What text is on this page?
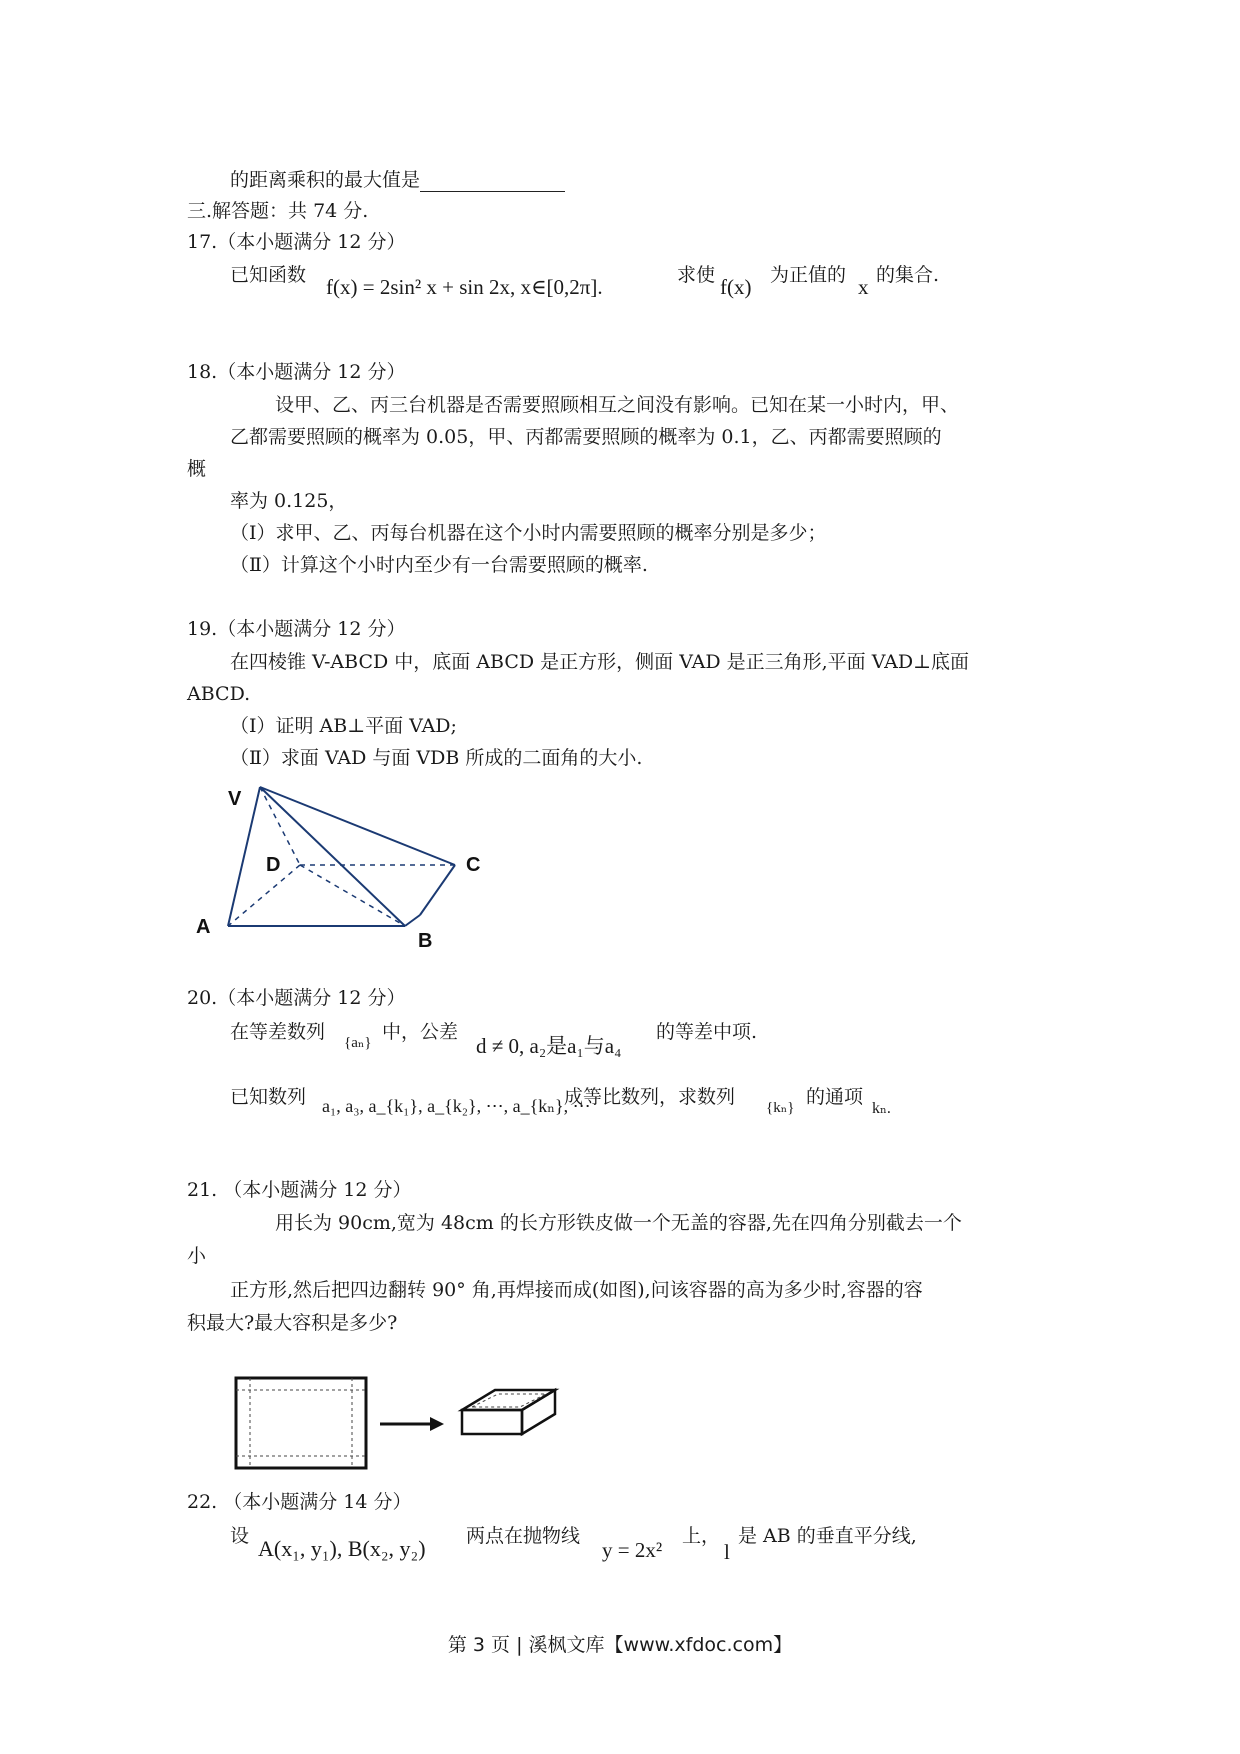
的距离乘积的最大值是
三.解答题：共 74 分.
17.（本小题满分 12 分）
已知函数 f(x) = 2sin² x + sin 2x, x∈[0,2π].	求使 f(x) 为正值的 x 的集合.
18.（本小题满分 12 分）
设甲、乙、丙三台机器是否需要照顾相互之间没有影响。已知在某一小时内，甲、
乙都需要照顾的概率为 0.05，甲、丙都需要照顾的概率为 0.1，乙、丙都需要照顾的
概
率为 0.125，
（Ⅰ）求甲、乙、丙每台机器在这个小时内需要照顾的概率分别是多少；
（Ⅱ）计算这个小时内至少有一台需要照顾的概率.
19.（本小题满分 12 分）
在四棱锥 V-ABCD 中，底面 ABCD 是正方形，侧面 VAD 是正三角形,平面 VAD⊥底面
ABCD.
（Ⅰ）证明 AB⊥平面 VAD;
（Ⅱ）求面 VAD 与面 VDB 所成的二面角的大小.
V
D	C
A
B
20.（本小题满分 12 分）
在等差数列 {aₙ} 中，公差
d ≠ 0, a₂是a₁与a₄
的等差中项.
已知数列 a₁, a₃, a_{k₁}, a_{k₂}, ⋯, a_{kₙ}, ⋯
成等比数列，求数列 {kₙ} 的通项
kₙ.
21. （本小题满分 12 分）
用长为 90cm,宽为 48cm 的长方形铁皮做一个无盖的容器,先在四角分别截去一个
小
正方形,然后把四边翻转 90° 角,再焊接而成(如图),问该容器的高为多少时,容器的容
积最大?最大容积是多少?
22. （本小题满分 14 分）
设 A(x₁, y₁), B(x₂, y₂) 两点在抛物线
y = 2x²
上，
l
是 AB 的垂直平分线,
第 3 页 | 溪枫文库【www.xfdoc.com】
